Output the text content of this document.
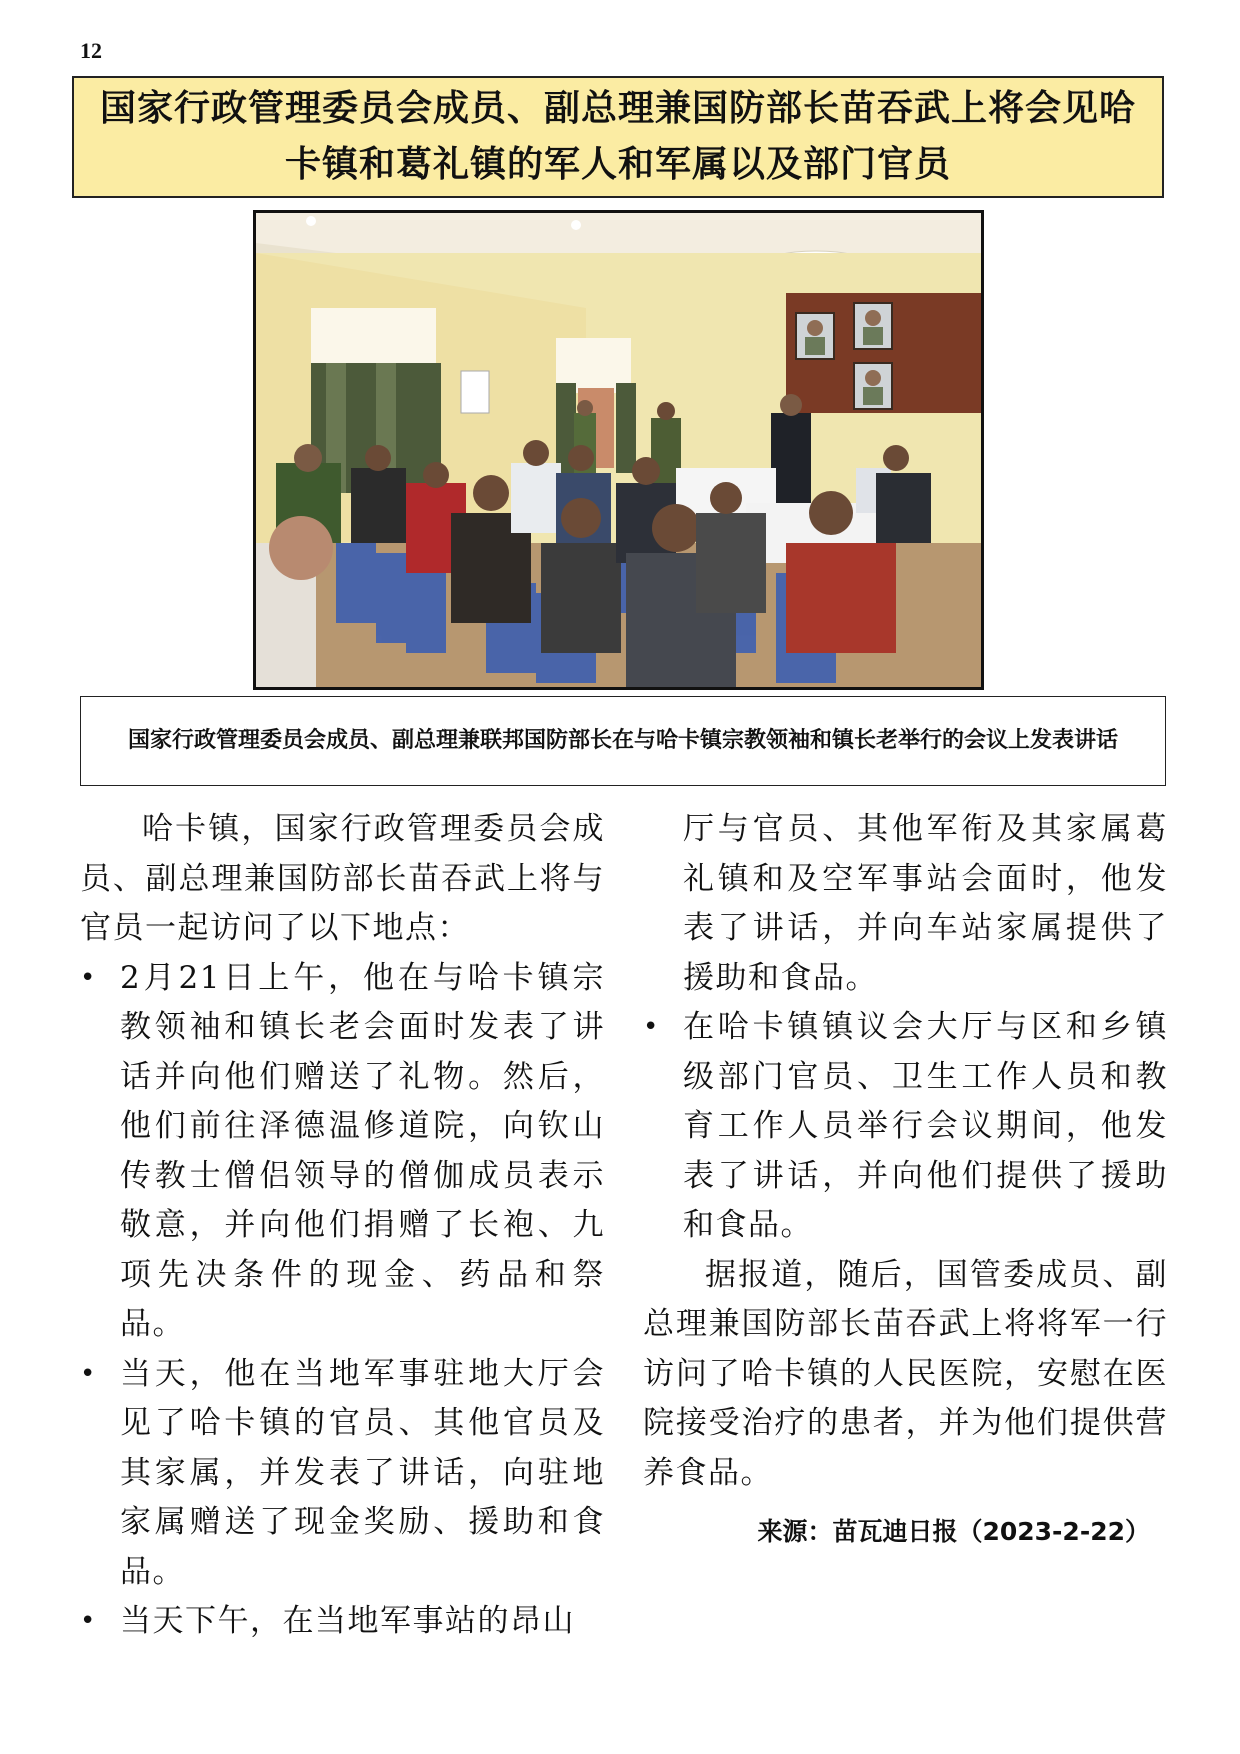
12
国家行政管理委员会成员、副总理兼国防部长苗吞武上将会见哈卡镇和葛礼镇的军人和军属以及部门官员
国家行政管理委员会成员、副总理兼联邦国防部长在与哈卡镇宗教领袖和镇长老举行的会议上发表讲话

哈卡镇，国家行政管理委员会成员、副总理兼国防部长苗吞武上将与官员一起访问了以下地点：

• 2月21日上午，他在与哈卡镇宗教领袖和镇长老会面时发表了讲话并向他们赠送了礼物。然后，他们前往泽德温修道院，向钦山传教士僧侣领导的僧伽成员表示敬意，并向他们捐赠了长袍、九项先决条件的现金、药品和祭品。
• 当天，他在当地军事驻地大厅会见了哈卡镇的官员、其他官员及其家属，并发表了讲话，向驻地家属赠送了现金奖励、援助和食品。
• 当天下午，在当地军事站的昂山
厅与官员、其他军衔及其家属葛礼镇和及空军事站会面时，他发表了讲话，并向车站家属提供了援助和食品。
• 在哈卡镇镇议会大厅与区和乡镇级部门官员、卫生工作人员和教育工作人员举行会议期间，他发表了讲话，并向他们提供了援助和食品。

据报道，随后，国管委成员、副总理兼国防部长苗吞武上将将军一行访问了哈卡镇的人民医院，安慰在医院接受治疗的患者，并为他们提供营养食品。

来源：苗瓦迪日报（2023-2-22）
